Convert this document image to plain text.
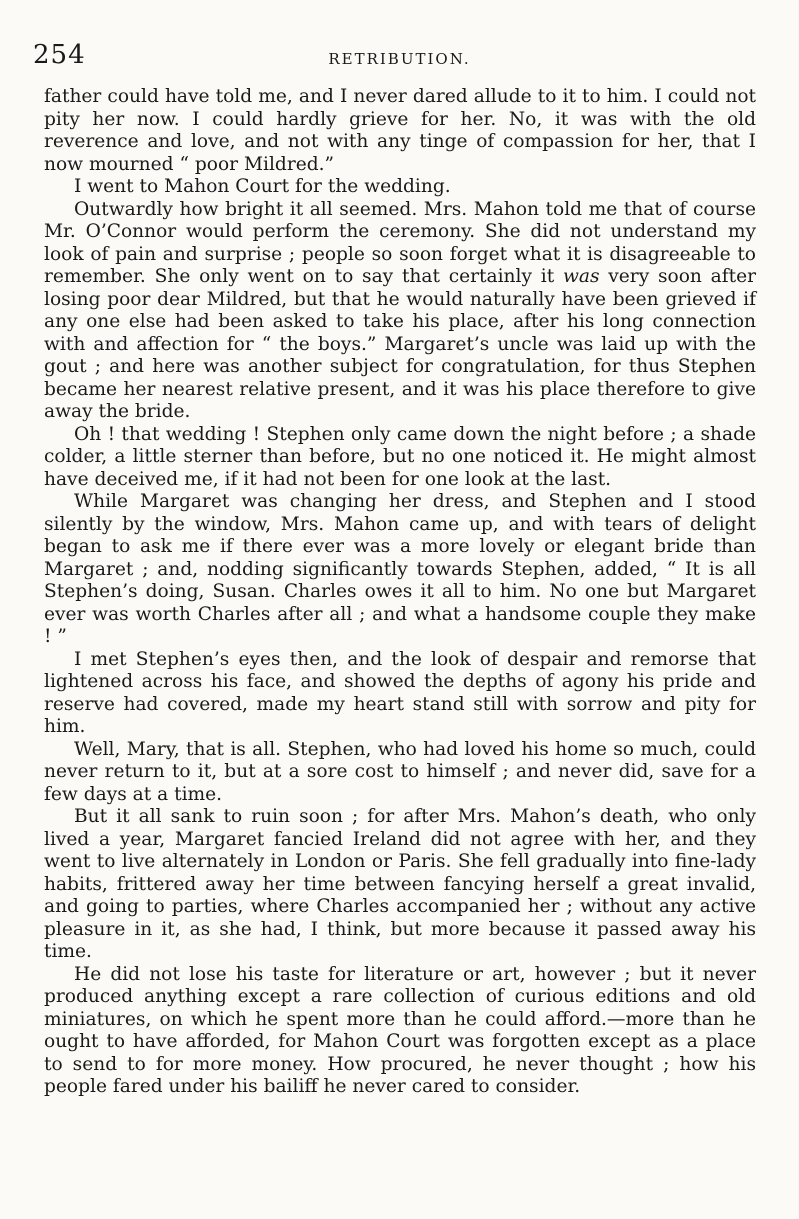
254	RETRIBUTION.

father could have told me, and I never dared allude to it to him. I could not pity her now. I could hardly grieve for her. No, it was with the old reverence and love, and not with any tinge of compassion for her, that I now mourned “ poor Mildred.”

I went to Mahon Court for the wedding.

Outwardly how bright it all seemed. Mrs. Mahon told me that of course Mr. O’Connor would perform the ceremony. She did not understand my look of pain and surprise ; people so soon forget what it is disagreeable to remember. She only went on to say that certainly it was very soon after losing poor dear Mildred, but that he would naturally have been grieved if any one else had been asked to take his place, after his long connection with and affection for “ the boys.” Margaret’s uncle was laid up with the gout ; and here was another subject for congratulation, for thus Stephen became her nearest relative present, and it was his place therefore to give away the bride.

Oh ! that wedding ! Stephen only came down the night before ; a shade colder, a little sterner than before, but no one noticed it. He might almost have deceived me, if it had not been for one look at the last.

While Margaret was changing her dress, and Stephen and I stood silently by the window, Mrs. Mahon came up, and with tears of delight began to ask me if there ever was a more lovely or elegant bride than Margaret ; and, nodding significantly towards Stephen, added, “ It is all Stephen’s doing, Susan. Charles owes it all to him. No one but Margaret ever was worth Charles after all ; and what a handsome couple they make ! ”

I met Stephen’s eyes then, and the look of despair and remorse that lightened across his face, and showed the depths of agony his pride and reserve had covered, made my heart stand still with sorrow and pity for him.

Well, Mary, that is all. Stephen, who had loved his home so much, could never return to it, but at a sore cost to himself ; and never did, save for a few days at a time.

But it all sank to ruin soon ; for after Mrs. Mahon’s death, who only lived a year, Margaret fancied Ireland did not agree with her, and they went to live alternately in London or Paris. She fell gradually into fine-lady habits, frittered away her time between fancying herself a great invalid, and going to parties, where Charles accompanied her ; without any active pleasure in it, as she had, I think, but more because it passed away his time.

He did not lose his taste for literature or art, however ; but it never produced anything except a rare collection of curious editions and old miniatures, on which he spent more than he could afford.—more than he ought to have afforded, for Mahon Court was forgotten except as a place to send to for more money. How procured, he never thought ; how his people fared under his bailiff he never cared to consider.
